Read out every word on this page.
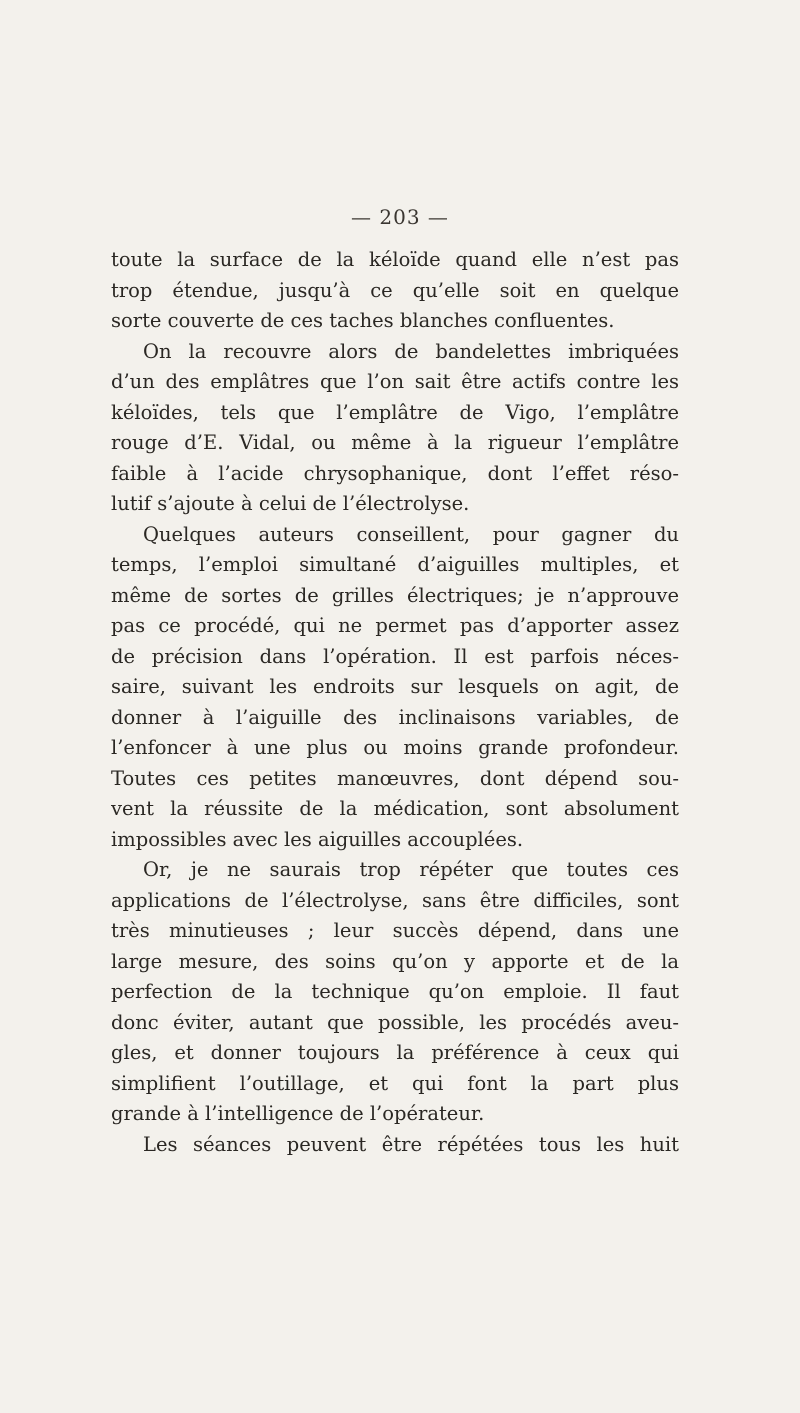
— 203 —
toute la surface de la kéloïde quand elle n’est pas
trop étendue, jusqu’à ce qu’elle soit en quelque
sorte couverte de ces taches blanches confluentes.
On la recouvre alors de bandelettes imbriquées
d’un des emplâtres que l’on sait être actifs contre les
kéloïdes, tels que l’emplâtre de Vigo, l’emplâtre
rouge d’E. Vidal, ou même à la rigueur l’emplâtre
faible à l’acide chrysophanique, dont l’effet réso-
lutif s’ajoute à celui de l’électrolyse.
Quelques auteurs conseillent, pour gagner du
temps, l’emploi simultané d’aiguilles multiples, et
même de sortes de grilles électriques; je n’approuve
pas ce procédé, qui ne permet pas d’apporter assez
de précision dans l’opération. Il est parfois néces-
saire, suivant les endroits sur lesquels on agit, de
donner à l’aiguille des inclinaisons variables, de
l’enfoncer à une plus ou moins grande profondeur.
Toutes ces petites manœuvres, dont dépend sou-
vent la réussite de la médication, sont absolument
impossibles avec les aiguilles accouplées.
Or, je ne saurais trop répéter que toutes ces
applications de l’électrolyse, sans être difficiles, sont
très minutieuses ; leur succès dépend, dans une
large mesure, des soins qu’on y apporte et de la
perfection de la technique qu’on emploie. Il faut
donc éviter, autant que possible, les procédés aveu-
gles, et donner toujours la préférence à ceux qui
simplifient l’outillage, et qui font la part plus
grande à l’intelligence de l’opérateur.
Les séances peuvent être répétées tous les huit
